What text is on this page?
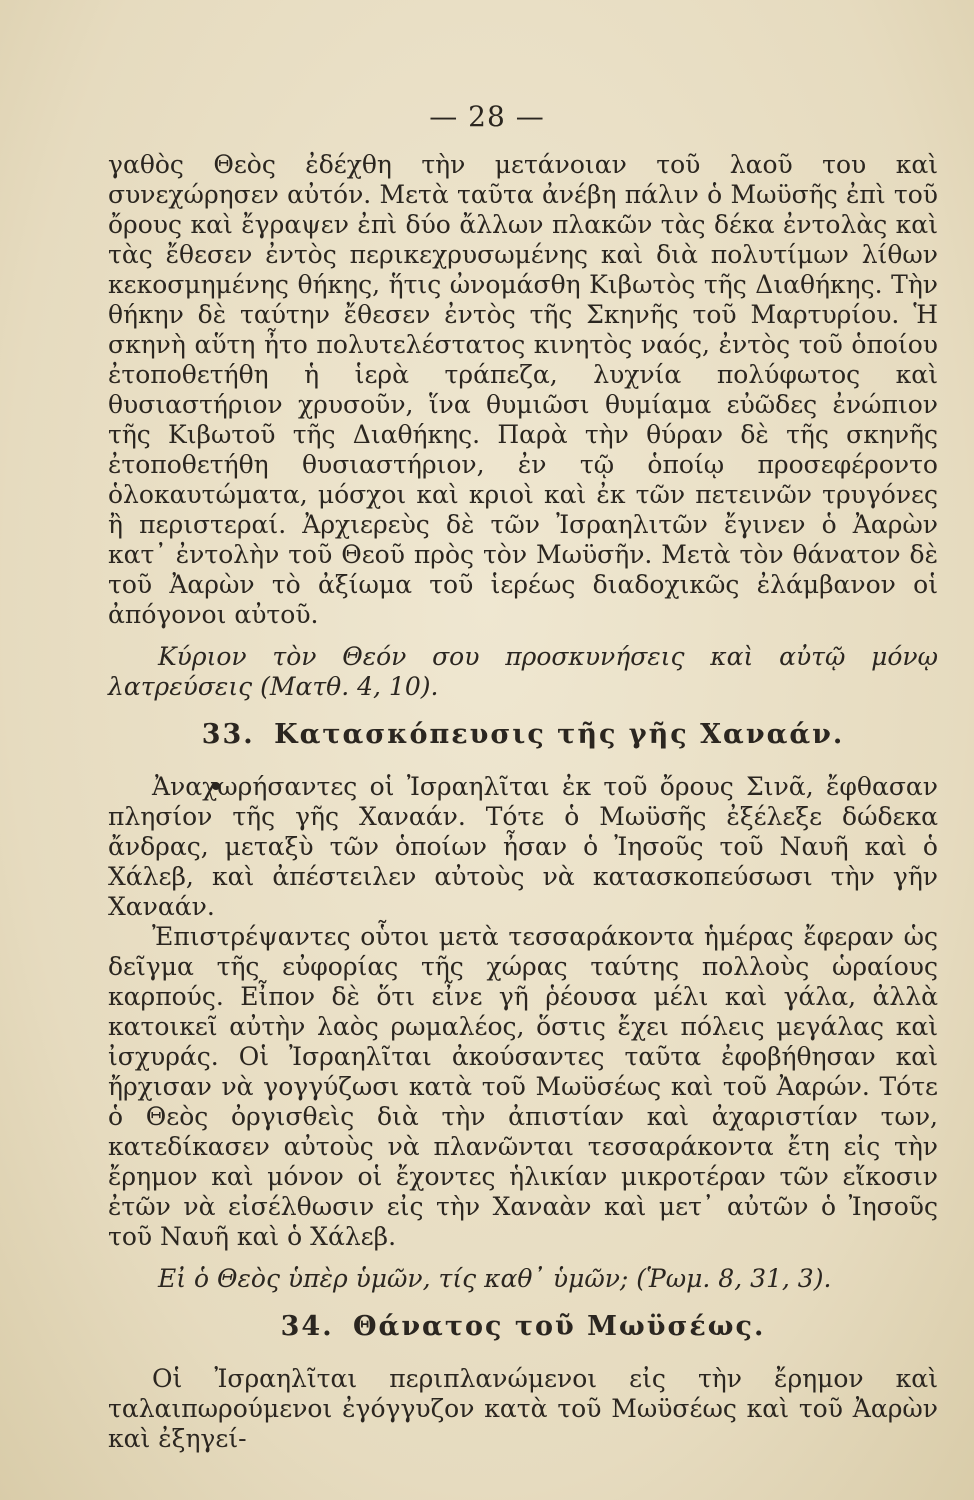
— 28 —

γαθὸς Θεὸς ἐδέχθη τὴν μετάνοιαν τοῦ λαοῦ του καὶ συνεχώρησεν αὐτόν. Μετὰ ταῦτα ἀνέβη πάλιν ὁ Μωϋσῆς ἐπὶ τοῦ ὄρους καὶ ἔγραψεν ἐπὶ δύο ἄλλων πλακῶν τὰς δέκα ἐντολὰς καὶ τὰς ἔθεσεν ἐντὸς περικεχρυσωμένης καὶ διὰ πολυτίμων λίθων κεκοσμημένης θήκης, ἥτις ὠνομάσθη Κιβωτὸς τῆς Διαθήκης. Τὴν θήκην δὲ ταύτην ἔθεσεν ἐντὸς τῆς Σκηνῆς τοῦ Μαρτυρίου. Ἡ σκηνὴ αὕτη ἦτο πολυτελέστατος κινητὸς ναός, ἐντὸς τοῦ ὁποίου ἐτοποθετήθη ἡ ἱερὰ τράπεζα, λυχνία πολύφωτος καὶ θυσιαστήριον χρυσοῦν, ἵνα θυμιῶσι θυμίαμα εὐῶδες ἐνώπιον τῆς Κιβωτοῦ τῆς Διαθήκης. Παρὰ τὴν θύραν δὲ τῆς σκηνῆς ἐτοποθετήθη θυσιαστήριον, ἐν τῷ ὁποίῳ προσεφέροντο ὁλοκαυτώματα, μόσχοι καὶ κριοὶ καὶ ἐκ τῶν πετεινῶν τρυγόνες ἢ περιστεραί. Ἀρχιερεὺς δὲ τῶν Ἰσραηλιτῶν ἔγινεν ὁ Ἀαρὼν κατ᾽ ἐντολὴν τοῦ Θεοῦ πρὸς τὸν Μωϋσῆν. Μετὰ τὸν θάνατον δὲ τοῦ Ἀαρὼν τὸ ἀξίωμα τοῦ ἱερέως διαδοχικῶς ἐλάμβανον οἱ ἀπόγονοι αὐτοῦ.

Κύριον τὸν Θεόν σου προσκυνήσεις καὶ αὐτῷ μόνῳ λατρεύσεις (Ματθ. 4, 10).

33. Κατασκόπευσις τῆς γῆς Χαναάν.

Ἀναχωρήσαντες οἱ Ἰσραηλῖται ἐκ τοῦ ὄρους Σινᾶ, ἔφθασαν πλησίον τῆς γῆς Χαναάν. Τότε ὁ Μωϋσῆς ἐξέλεξε δώδεκα ἄνδρας, μεταξὺ τῶν ὁποίων ἦσαν ὁ Ἰησοῦς τοῦ Ναυῆ καὶ ὁ Χάλεβ, καὶ ἀπέστειλεν αὐτοὺς νὰ κατασκοπεύσωσι τὴν γῆν Χαναάν.

Ἐπιστρέψαντες οὗτοι μετὰ τεσσαράκοντα ἡμέρας ἔφεραν ὡς δεῖγμα τῆς εὐφορίας τῆς χώρας ταύτης πολλοὺς ὡραίους καρπούς. Εἶπον δὲ ὅτι εἶνε γῆ ῥέουσα μέλι καὶ γάλα, ἀλλὰ κατοικεῖ αὐτὴν λαὸς ρωμαλέος, ὅστις ἔχει πόλεις μεγάλας καὶ ἰσχυράς. Οἱ Ἰσραηλῖται ἀκούσαντες ταῦτα ἐφοβήθησαν καὶ ἤρχισαν νὰ γογγύζωσι κατὰ τοῦ Μωϋσέως καὶ τοῦ Ἀαρών. Τότε ὁ Θεὸς ὀργισθεὶς διὰ τὴν ἀπιστίαν καὶ ἀχαριστίαν των, κατεδίκασεν αὐτοὺς νὰ πλανῶνται τεσσαράκοντα ἔτη εἰς τὴν ἔρημον καὶ μόνον οἱ ἔχοντες ἡλικίαν μικροτέραν τῶν εἴκοσιν ἐτῶν νὰ εἰσέλθωσιν εἰς τὴν Χαναὰν καὶ μετ᾽ αὐτῶν ὁ Ἰησοῦς τοῦ Ναυῆ καὶ ὁ Χάλεβ.

Εἰ ὁ Θεὸς ὑπὲρ ὑμῶν, τίς καθ᾽ ὑμῶν; (Ῥωμ. 8, 31, 3).

34. Θάνατος τοῦ Μωϋσέως.

Οἱ Ἰσραηλῖται περιπλανώμενοι εἰς τὴν ἔρημον καὶ ταλαιπωρούμενοι ἐγόγγυζον κατὰ τοῦ Μωϋσέως καὶ τοῦ Ἀαρὼν καὶ ἐξηγεί-
